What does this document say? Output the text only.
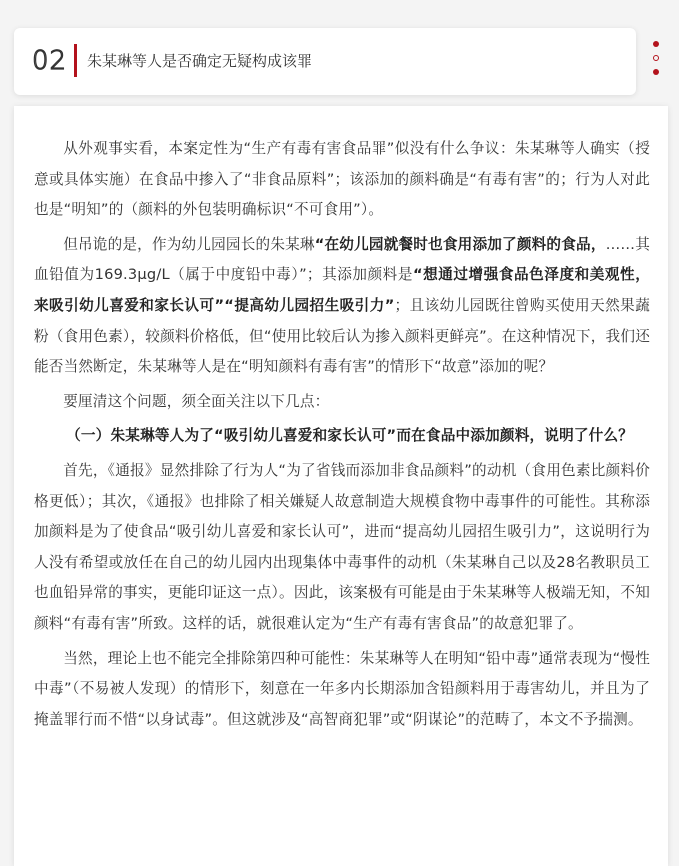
02 朱某琳等人是否确定无疑构成该罪

从外观事实看，本案定性为“生产有毒有害食品罪”似没有什么争议：朱某琳等人确实（授意或具体实施）在食品中掺入了“非食品原料”；该添加的颜料确是“有毒有害”的；行为人对此也是“明知”的（颜料的外包装明确标识“不可食用”）。

但吊诡的是，作为幼儿园园长的朱某琳“在幼儿园就餐时也食用添加了颜料的食品，……其血铅值为169.3μg/L（属于中度铅中毒）”；其添加颜料是“想通过增强食品色泽度和美观性，来吸引幼儿喜爱和家长认可”“提高幼儿园招生吸引力”；且该幼儿园既往曾购买使用天然果蔬粉（食用色素），较颜料价格低，但“使用比较后认为掺入颜料更鲜亮”。在这种情况下，我们还能否当然断定，朱某琳等人是在“明知颜料有毒有害”的情形下“故意”添加的呢？

要厘清这个问题，须全面关注以下几点：

（一）朱某琳等人为了“吸引幼儿喜爱和家长认可”而在食品中添加颜料，说明了什么？

首先，《通报》显然排除了行为人“为了省钱而添加非食品颜料”的动机（食用色素比颜料价格更低）；其次，《通报》也排除了相关嫌疑人故意制造大规模食物中毒事件的可能性。其称添加颜料是为了使食品“吸引幼儿喜爱和家长认可”，进而“提高幼儿园招生吸引力”，这说明行为人没有希望或放任在自己的幼儿园内出现集体中毒事件的动机（朱某琳自己以及28名教职员工也血铅异常的事实，更能印证这一点）。因此，该案极有可能是由于朱某琳等人极端无知，不知颜料“有毒有害”所致。这样的话，就很难认定为“生产有毒有害食品”的故意犯罪了。

当然，理论上也不能完全排除第四种可能性：朱某琳等人在明知“铅中毒”通常表现为“慢性中毒”（不易被人发现）的情形下，刻意在一年多内长期添加含铅颜料用于毒害幼儿，并且为了掩盖罪行而不惜“以身试毒”。但这就涉及“高智商犯罪”或“阴谋论”的范畴了，本文不予揣测。
